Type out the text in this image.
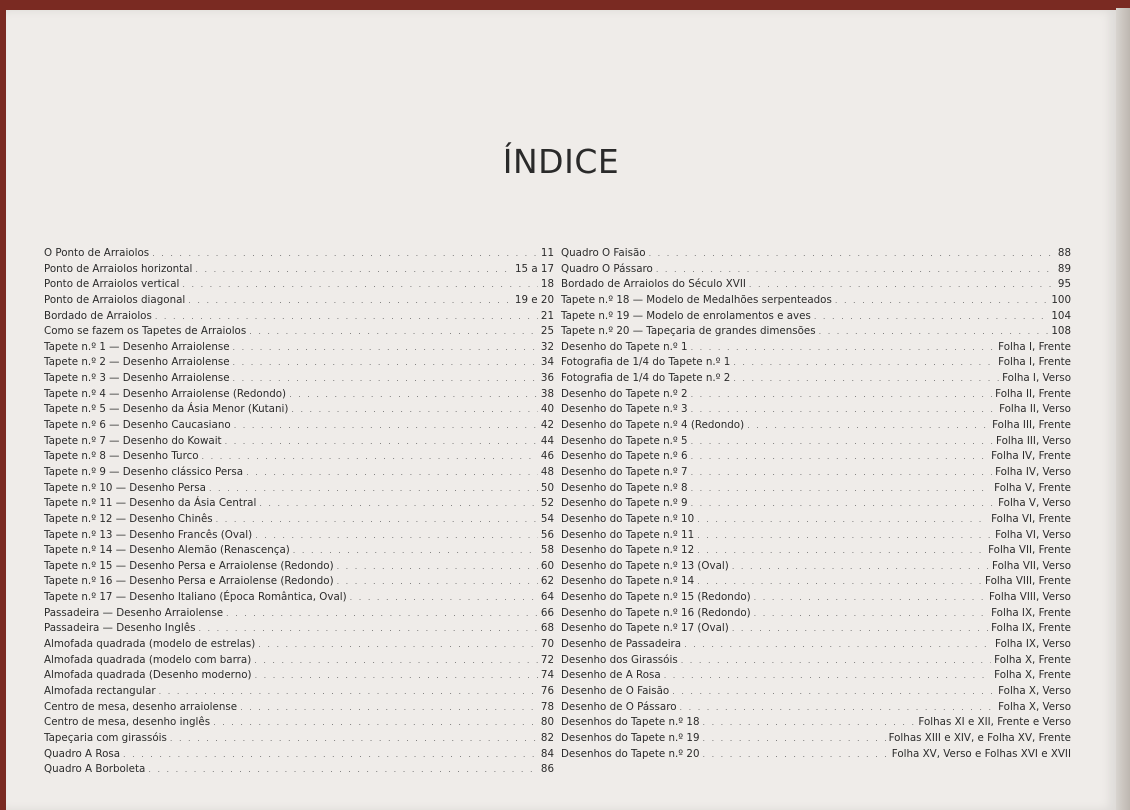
ÍNDICE
O Ponto de Arraiolos . . .	11
Ponto de Arraiolos horizontal . . .	15 a 17
Ponto de Arraiolos vertical . . .	18
Ponto de Arraiolos diagonal . . .	19 e 20
Bordado de Arraiolos . . .	21
Como se fazem os Tapetes de Arraiolos . . .	25
Tapete n.º 1 — Desenho Arraiolense . . .	32
Tapete n.º 2 — Desenho Arraiolense . . .	34
Tapete n.º 3 — Desenho Arraiolense . . .	36
Tapete n.º 4 — Desenho Arraiolense (Redondo) . . .	38
Tapete n.º 5 — Desenho da Ásia Menor (Kutani) . . .	40
Tapete n.º 6 — Desenho Caucasiano . . .	42
Tapete n.º 7 — Desenho do Kowait . . .	44
Tapete n.º 8 — Desenho Turco . . .	46
Tapete n.º 9 — Desenho clássico Persa . . .	48
Tapete n.º 10 — Desenho Persa . . .	50
Tapete n.º 11 — Desenho da Ásia Central . . .	52
Tapete n.º 12 — Desenho Chinês . . .	54
Tapete n.º 13 — Desenho Francês (Oval) . . .	56
Tapete n.º 14 — Desenho Alemão (Renascença) . . .	58
Tapete n.º 15 — Desenho Persa e Arraiolense (Redondo) . . .	60
Tapete n.º 16 — Desenho Persa e Arraiolense (Redondo) . . .	62
Tapete n.º 17 — Desenho Italiano (Época Romântica, Oval) . . .	64
Passadeira — Desenho Arraiolense . . .	66
Passadeira — Desenho Inglês . . .	68
Almofada quadrada (modelo de estrelas) . . .	70
Almofada quadrada (modelo com barra) . . .	72
Almofada quadrada (Desenho moderno) . . .	74
Almofada rectangular . . .	76
Centro de mesa, desenho arraiolense . . .	78
Centro de mesa, desenho inglês . . .	80
Tapeçaria com girassóis . . .	82
Quadro A Rosa . . .	84
Quadro A Borboleta . . .	86
Quadro O Faisão . . .	88
Quadro O Pássaro . . .	89
Bordado de Arraiolos do Século XVII . . .	95
Tapete n.º 18 — Modelo de Medalhões serpenteados . . .	100
Tapete n.º 19 — Modelo de enrolamentos e aves . . .	104
Tapete n.º 20 — Tapeçaria de grandes dimensões . . .	108
Desenho do Tapete n.º 1 . . .	Folha I, Frente
Fotografia de 1/4 do Tapete n.º 1 . . .	Folha I, Frente
Fotografia de 1/4 do Tapete n.º 2 . . .	Folha I, Verso
Desenho do Tapete n.º 2 . . .	Folha II, Frente
Desenho do Tapete n.º 3 . . .	Folha II, Verso
Desenho do Tapete n.º 4 (Redondo) . . .	Folha III, Frente
Desenho do Tapete n.º 5 . . .	Folha III, Verso
Desenho do Tapete n.º 6 . . .	Folha IV, Frente
Desenho do Tapete n.º 7 . . .	Folha IV, Verso
Desenho do Tapete n.º 8 . . .	Folha V, Frente
Desenho do Tapete n.º 9 . . .	Folha V, Verso
Desenho do Tapete n.º 10 . . .	Folha VI, Frente
Desenho do Tapete n.º 11 . . .	Folha VI, Verso
Desenho do Tapete n.º 12 . . .	Folha VII, Frente
Desenho do Tapete n.º 13 (Oval) . . .	Folha VII, Verso
Desenho do Tapete n.º 14 . . .	Folha VIII, Frente
Desenho do Tapete n.º 15 (Redondo) . . .	Folha VIII, Verso
Desenho do Tapete n.º 16 (Redondo) . . .	Folha IX, Frente
Desenho do Tapete n.º 17 (Oval) . . .	Folha IX, Frente
Desenho de Passadeira . . .	Folha IX, Verso
Desenho dos Girassóis . . .	Folha X, Frente
Desenho de A Rosa . . .	Folha X, Frente
Desenho de O Faisão . . .	Folha X, Verso
Desenho de O Pássaro . . .	Folha X, Verso
Desenhos do Tapete n.º 18 . . .	Folhas XI e XII, Frente e Verso
Desenhos do Tapete n.º 19 . . .	Folhas XIII e XIV, e Folha XV, Frente
Desenhos do Tapete n.º 20 . . .	Folha XV, Verso e Folhas XVI e XVII
